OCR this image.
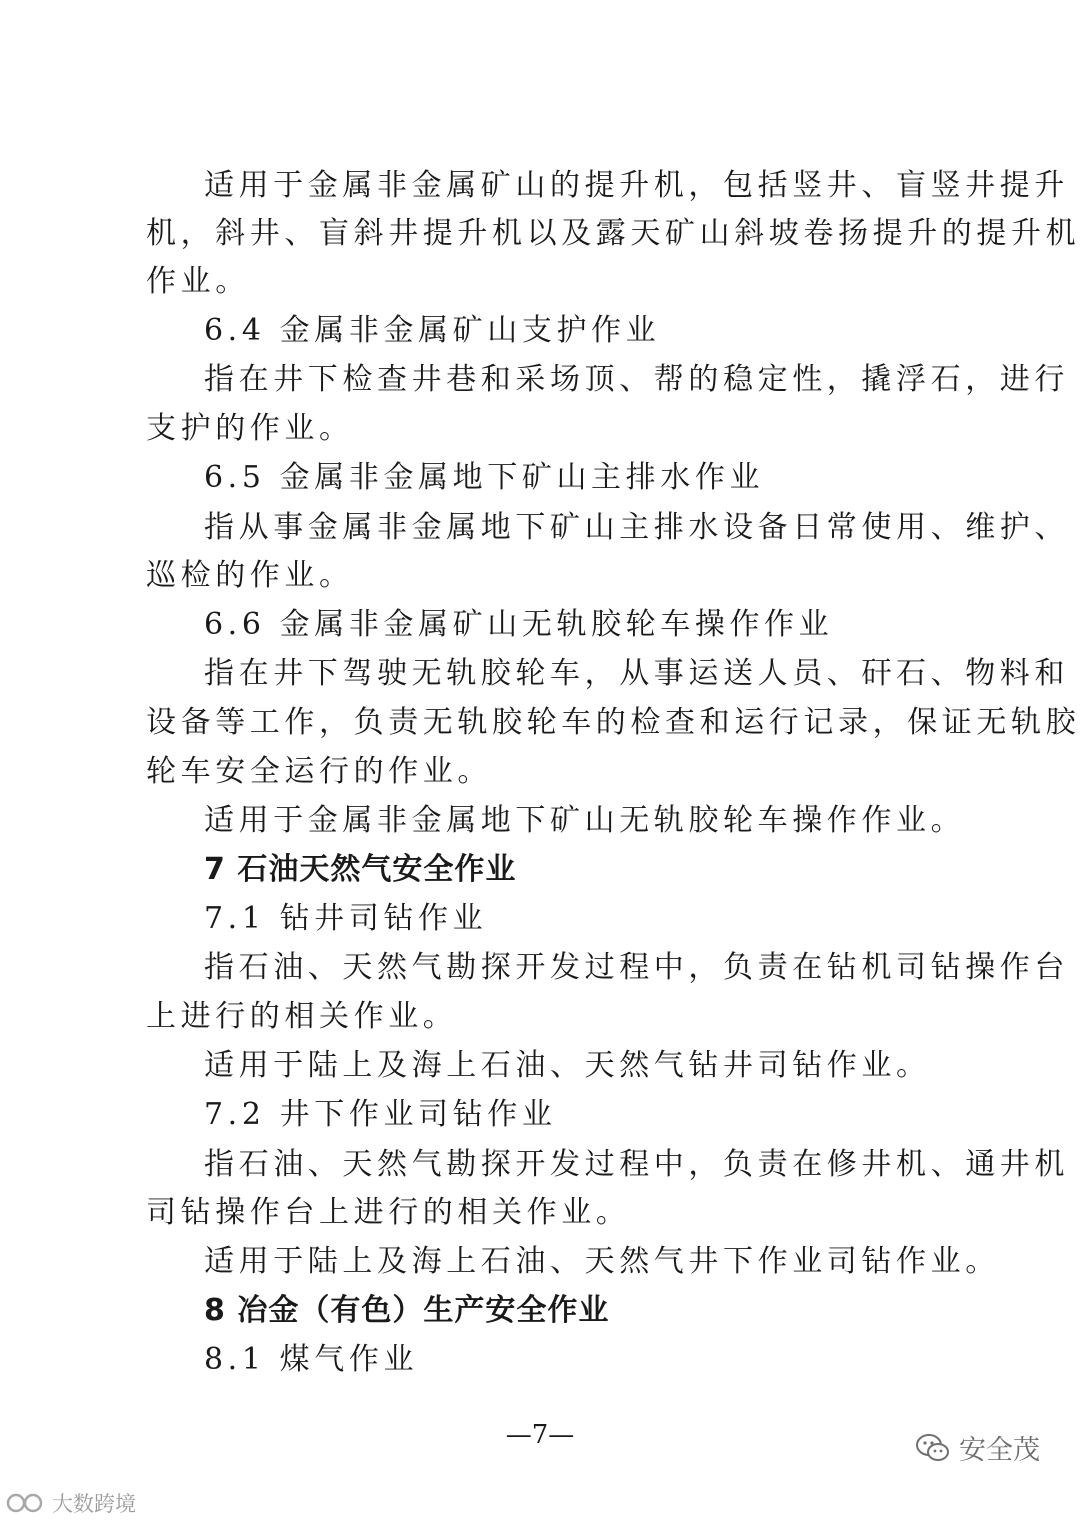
适用于金属非金属矿山的提升机，包括竖井、盲竖井提升
机，斜井、盲斜井提升机以及露天矿山斜坡卷扬提升的提升机
作业。
6.4 金属非金属矿山支护作业
指在井下检查井巷和采场顶、帮的稳定性，撬浮石，进行
支护的作业。
6.5 金属非金属地下矿山主排水作业
指从事金属非金属地下矿山主排水设备日常使用、维护、
巡检的作业。
6.6 金属非金属矿山无轨胶轮车操作作业
指在井下驾驶无轨胶轮车，从事运送人员、矸石、物料和
设备等工作，负责无轨胶轮车的检查和运行记录，保证无轨胶
轮车安全运行的作业。
适用于金属非金属地下矿山无轨胶轮车操作作业。
7 石油天然气安全作业
7.1 钻井司钻作业
指石油、天然气勘探开发过程中，负责在钻机司钻操作台
上进行的相关作业。
适用于陆上及海上石油、天然气钻井司钻作业。
7.2 井下作业司钻作业
指石油、天然气勘探开发过程中，负责在修井机、通井机
司钻操作台上进行的相关作业。
适用于陆上及海上石油、天然气井下作业司钻作业。
8 冶金（有色）生产安全作业
8.1 煤气作业
—7—
大数跨境
安全茂
